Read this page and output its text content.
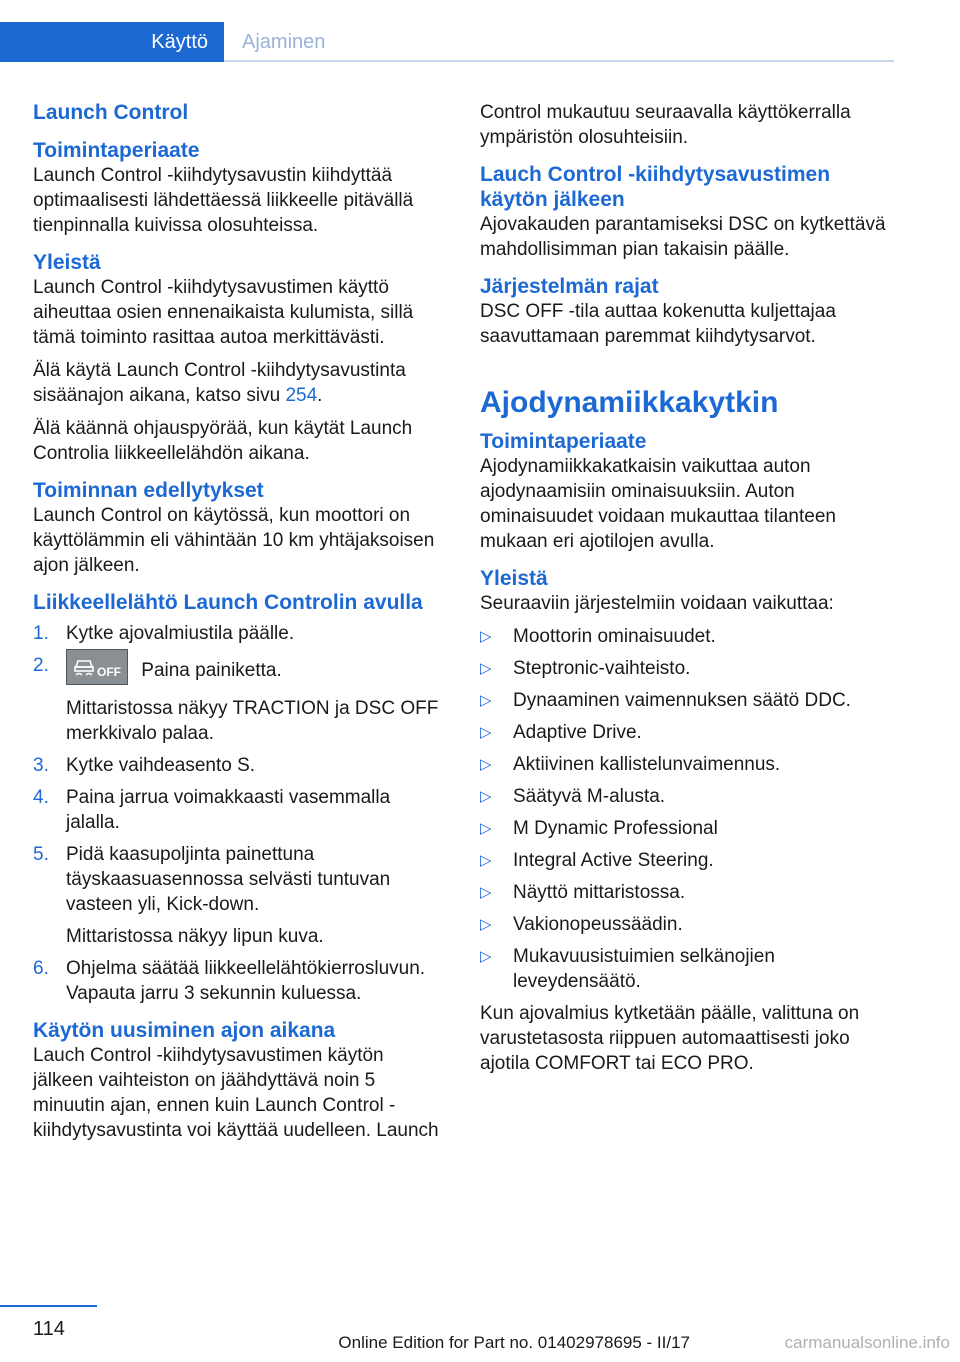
Käyttö	Ajaminen
Launch Control
Toimintaperiaate
Launch Control -kiihdytysavustin kiihdyttää optimaalisesti lähdettäessä liikkeelle pitävällä tienpinnalla kuivissa olosuhteissa.
Yleistä
Launch Control -kiihdytysavustimen käyttö aiheuttaa osien ennenaikaista kulumista, sillä tämä toiminto rasittaa autoa merkittävästi.
Älä käytä Launch Control -kiihdytysavustinta sisäänajon aikana, katso sivu 254.
Älä käännä ohjauspyörää, kun käytät Launch Controlia liikkeellelähdön aikana.
Toiminnan edellytykset
Launch Control on käytössä, kun moottori on käyttölämmin eli vähintään 10 km yhtäjaksoisen ajon jälkeen.
Liikkeellelähtö Launch Controlin avulla
1. Kytke ajovalmiustila päälle.
2.	OFF Paina painiketta.
Mittaristossa näkyy TRACTION ja DSC OFF merkkivalo palaa.
3. Kytke vaihdeasento S.
4. Paina jarrua voimakkaasti vasemmalla jalalla.
5. Pidä kaasupoljinta painettuna täyskaasuasennossa selvästi tuntuvan vasteen yli, Kick-down.
Mittaristossa näkyy lipun kuva.
6. Ohjelma säätää liikkeellelähtökierrosluvun. Vapauta jarru 3 sekunnin kuluessa.
Käytön uusiminen ajon aikana
Lauch Control -kiihdytysavustimen käytön jälkeen vaihteiston on jäähdyttävä noin 5 minuutin ajan, ennen kuin Launch Control -kiihdytysavustinta voi käyttää uudelleen. Launch
Control mukautuu seuraavalla käyttökerralla ympäristön olosuhteisiin.
Lauch Control -kiihdytysavustimen käytön jälkeen
Ajovakauden parantamiseksi DSC on kytkettävä mahdollisimman pian takaisin päälle.
Järjestelmän rajat
DSC OFF -tila auttaa kokenutta kuljettajaa saavuttamaan paremmat kiihdytysarvot.
Ajodynamiikkakytkin
Toimintaperiaate
Ajodynamiikkakatkaisin vaikuttaa auton ajodynaamisiin ominaisuuksiin. Auton ominaisuudet voidaan mukauttaa tilanteen mukaan eri ajotilojen avulla.
Yleistä
Seuraaviin järjestelmiin voidaan vaikuttaa:
▷ Moottorin ominaisuudet.
▷ Steptronic-vaihteisto.
▷ Dynaaminen vaimennuksen säätö DDC.
▷ Adaptive Drive.
▷ Aktiivinen kallistelunvaimennus.
▷ Säätyvä M-alusta.
▷ M Dynamic Professional
▷ Integral Active Steering.
▷ Näyttö mittaristossa.
▷ Vakionopeussäädin.
▷ Mukavuusistuimien selkänojien leveydensäätö.
Kun ajovalmius kytketään päälle, valittuna on varustetasosta riippuen automaattisesti joko ajotila COMFORT tai ECO PRO.
114
Online Edition for Part no. 01402978695 - II/17	carmanualsonline.info
